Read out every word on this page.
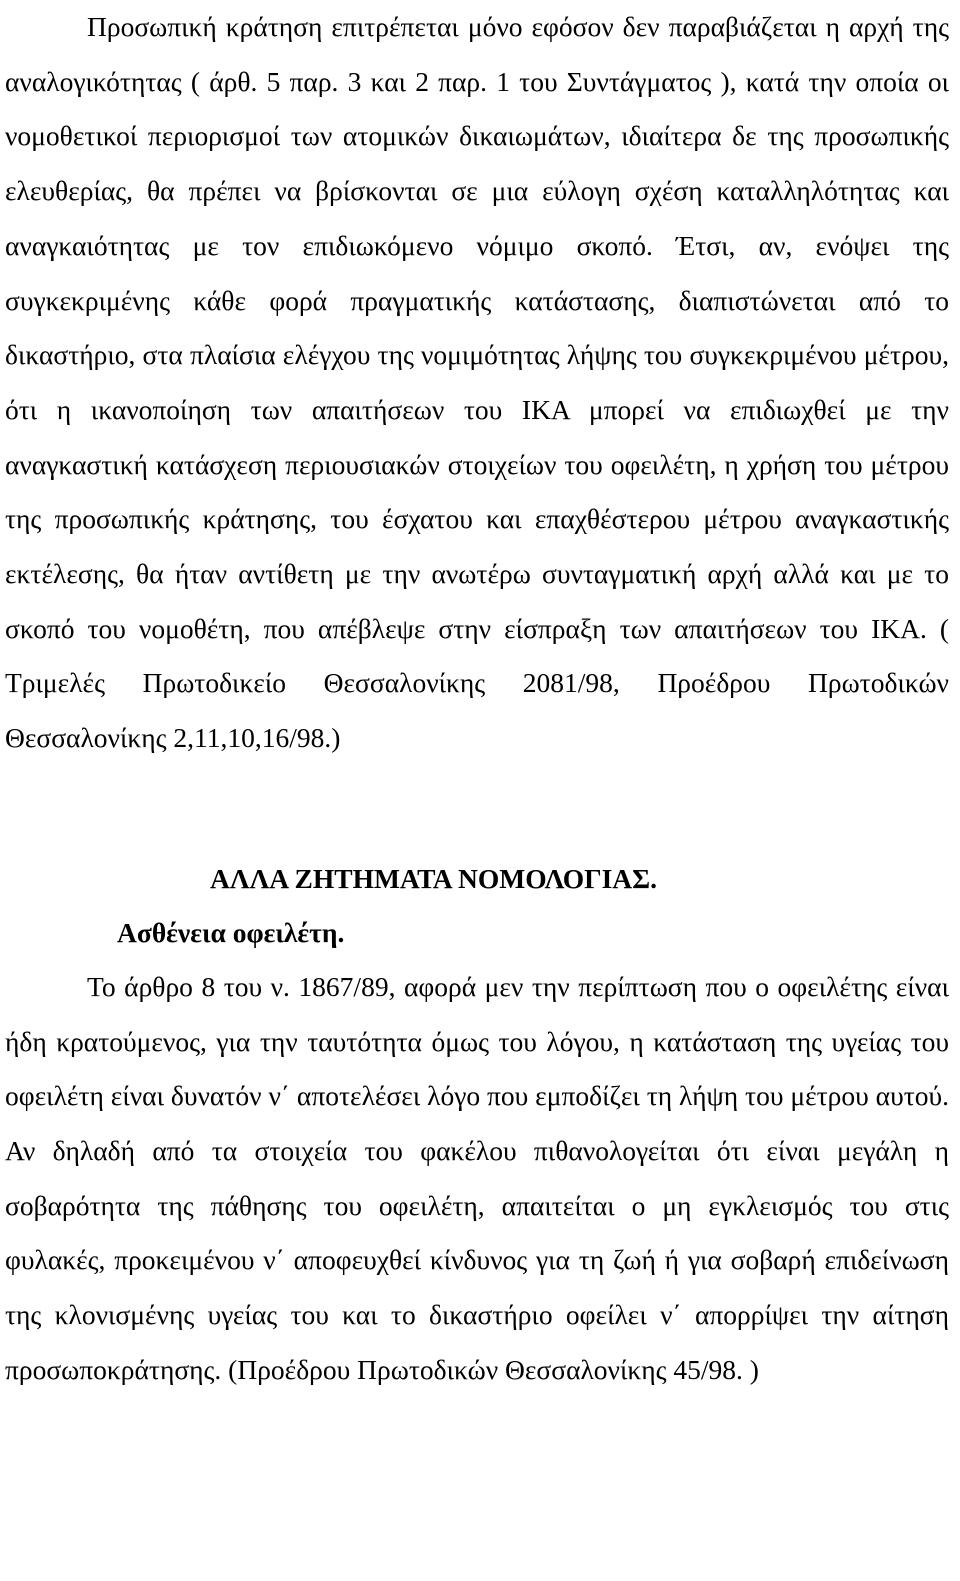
Προσωπική κράτηση επιτρέπεται μόνο εφόσον δεν παραβιάζεται η αρχή της αναλογικότητας ( άρθ. 5 παρ. 3 και 2 παρ. 1 του Συντάγματος ), κατά την οποία οι νομοθετικοί περιορισμοί των ατομικών δικαιωμάτων, ιδιαίτερα δε της προσωπικής ελευθερίας, θα πρέπει να βρίσκονται σε μια εύλογη σχέση καταλληλότητας και αναγκαιότητας με τον επιδιωκόμενο νόμιμο σκοπό. Έτσι, αν, ενόψει της συγκεκριμένης κάθε φορά πραγματικής κατάστασης, διαπιστώνεται από το δικαστήριο, στα πλαίσια ελέγχου της νομιμότητας λήψης του συγκεκριμένου μέτρου, ότι η ικανοποίηση των απαιτήσεων του ΙΚΑ μπορεί να επιδιωχθεί με την αναγκαστική κατάσχεση περιουσιακών στοιχείων του οφειλέτη, η χρήση του μέτρου της προσωπικής κράτησης, του έσχατου και επαχθέστερου μέτρου αναγκαστικής εκτέλεσης, θα ήταν αντίθετη με την ανωτέρω συνταγματική αρχή αλλά και με το σκοπό του νομοθέτη, που απέβλεψε στην είσπραξη των απαιτήσεων του ΙΚΑ. ( Τριμελές Πρωτοδικείο Θεσσαλονίκης 2081/98, Προέδρου Πρωτοδικών Θεσσαλονίκης 2,11,10,16/98.)

ΑΛΛΑ ΖΗΤΗΜΑΤΑ ΝΟΜΟΛΟΓΙΑΣ.

Ασθένεια οφειλέτη.

Το άρθρο 8 του ν. 1867/89, αφορά μεν την περίπτωση που ο οφειλέτης είναι ήδη κρατούμενος, για την ταυτότητα όμως του λόγου, η κατάσταση της υγείας του οφειλέτη είναι δυνατόν ν΄ αποτελέσει λόγο που εμποδίζει τη λήψη του μέτρου αυτού. Αν δηλαδή από τα στοιχεία του φακέλου πιθανολογείται ότι είναι μεγάλη η σοβαρότητα της πάθησης του οφειλέτη, απαιτείται ο μη εγκλεισμός του στις φυλακές, προκειμένου ν΄ αποφευχθεί κίνδυνος για τη ζωή ή για σοβαρή επιδείνωση της κλονισμένης υγείας του και το δικαστήριο οφείλει ν΄ απορρίψει την αίτηση προσωποκράτησης. (Προέδρου Πρωτοδικών Θεσσαλονίκης 45/98. )
